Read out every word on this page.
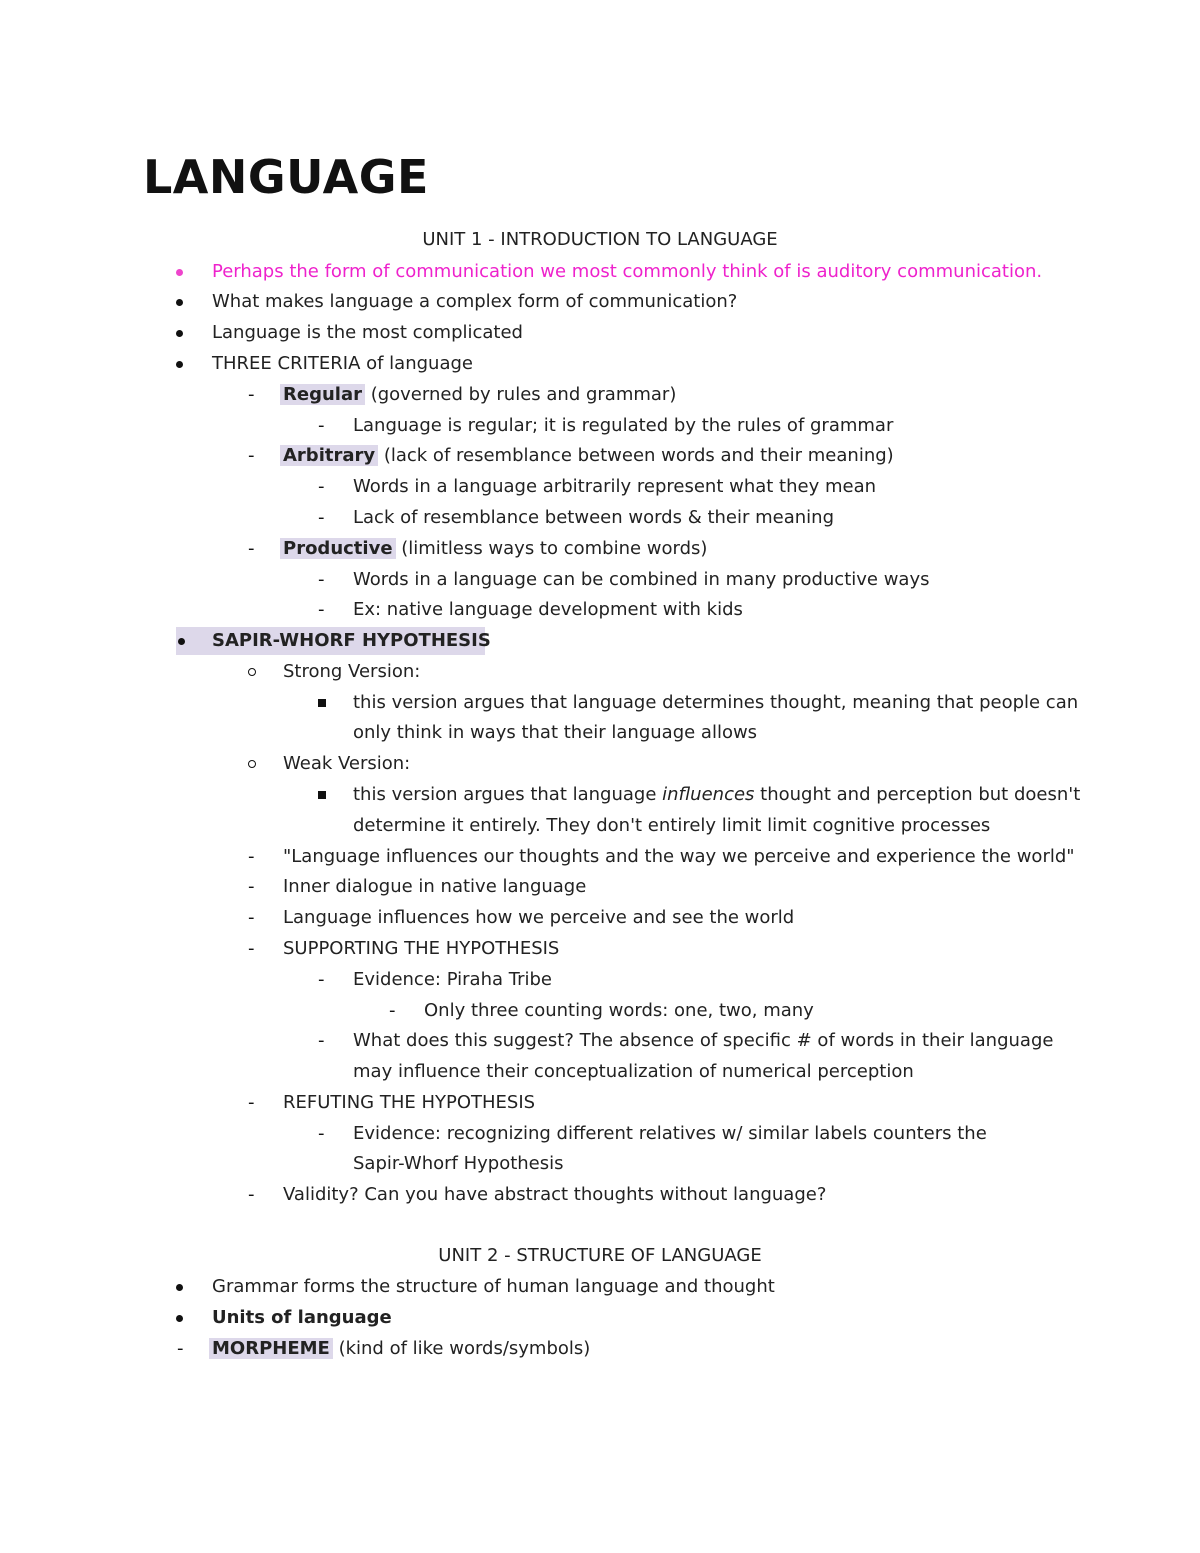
LANGUAGE
UNIT 1 - INTRODUCTION TO LANGUAGE
Perhaps the form of communication we most commonly think of is auditory communication.
What makes language a complex form of communication?
Language is the most complicated
THREE CRITERIA of language
- Regular (governed by rules and grammar)
- Language is regular; it is regulated by the rules of grammar
- Arbitrary (lack of resemblance between words and their meaning)
- Words in a language arbitrarily represent what they mean
- Lack of resemblance between words & their meaning
- Productive (limitless ways to combine words)
- Words in a language can be combined in many productive ways
- Ex: native language development with kids
SAPIR-WHORF HYPOTHESIS
Strong Version:
this version argues that language determines thought, meaning that people can
only think in ways that their language allows
Weak Version:
this version argues that language influences thought and perception but doesn't
determine it entirely. They don't entirely limit limit cognitive processes
- "Language influences our thoughts and the way we perceive and experience the world"
- Inner dialogue in native language
- Language influences how we perceive and see the world
- SUPPORTING THE HYPOTHESIS
- Evidence: Piraha Tribe
- Only three counting words: one, two, many
- What does this suggest? The absence of specific # of words in their language
may influence their conceptualization of numerical perception
- REFUTING THE HYPOTHESIS
- Evidence: recognizing different relatives w/ similar labels counters the
Sapir-Whorf Hypothesis
- Validity? Can you have abstract thoughts without language?
UNIT 2 - STRUCTURE OF LANGUAGE
Grammar forms the structure of human language and thought
Units of language
- MORPHEME (kind of like words/symbols)
